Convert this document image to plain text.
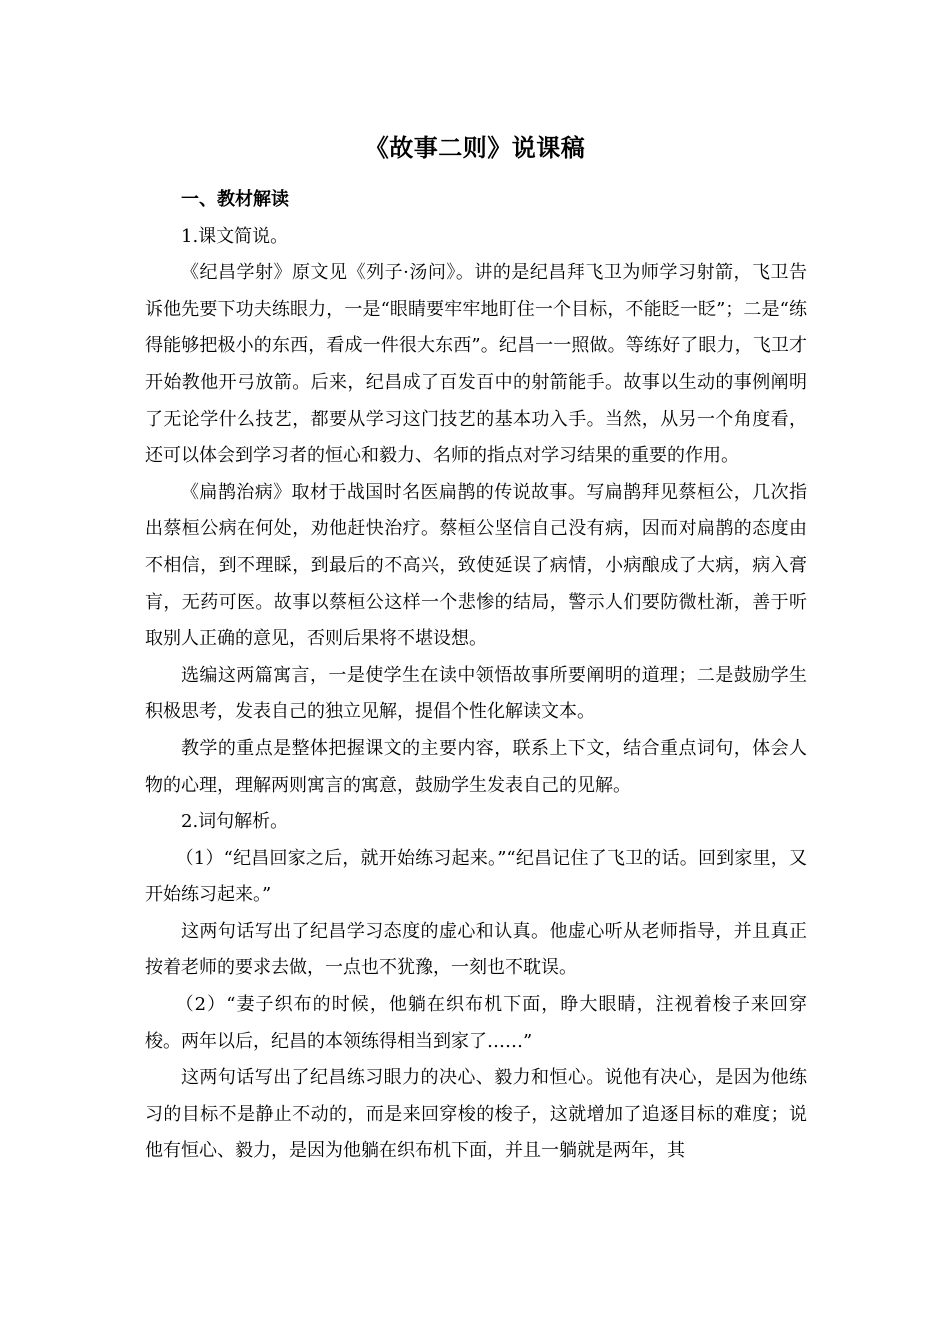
《故事二则》说课稿

一、教材解读

1.课文简说。

《纪昌学射》原文见《列子·汤问》。讲的是纪昌拜飞卫为师学习射箭，飞卫告诉他先要下功夫练眼力，一是“眼睛要牢牢地盯住一个目标，不能眨一眨”；二是“练得能够把极小的东西，看成一件很大东西”。纪昌一一照做。等练好了眼力，飞卫才开始教他开弓放箭。后来，纪昌成了百发百中的射箭能手。故事以生动的事例阐明了无论学什么技艺，都要从学习这门技艺的基本功入手。当然，从另一个角度看，还可以体会到学习者的恒心和毅力、名师的指点对学习结果的重要的作用。

《扁鹊治病》取材于战国时名医扁鹊的传说故事。写扁鹊拜见蔡桓公，几次指出蔡桓公病在何处，劝他赶快治疗。蔡桓公坚信自己没有病，因而对扁鹊的态度由不相信，到不理睬，到最后的不高兴，致使延误了病情，小病酿成了大病，病入膏肓，无药可医。故事以蔡桓公这样一个悲惨的结局，警示人们要防微杜渐，善于听取别人正确的意见，否则后果将不堪设想。

选编这两篇寓言，一是使学生在读中领悟故事所要阐明的道理；二是鼓励学生积极思考，发表自己的独立见解，提倡个性化解读文本。

教学的重点是整体把握课文的主要内容，联系上下文，结合重点词句，体会人物的心理，理解两则寓言的寓意，鼓励学生发表自己的见解。

2.词句解析。

（1）“纪昌回家之后，就开始练习起来。”“纪昌记住了飞卫的话。回到家里，又开始练习起来。”

这两句话写出了纪昌学习态度的虚心和认真。他虚心听从老师指导，并且真正按着老师的要求去做，一点也不犹豫，一刻也不耽误。

（2）“妻子织布的时候，他躺在织布机下面，睁大眼睛，注视着梭子来回穿梭。两年以后，纪昌的本领练得相当到家了……”

这两句话写出了纪昌练习眼力的决心、毅力和恒心。说他有决心，是因为他练习的目标不是静止不动的，而是来回穿梭的梭子，这就增加了追逐目标的难度；说他有恒心、毅力，是因为他躺在织布机下面，并且一躺就是两年，其
